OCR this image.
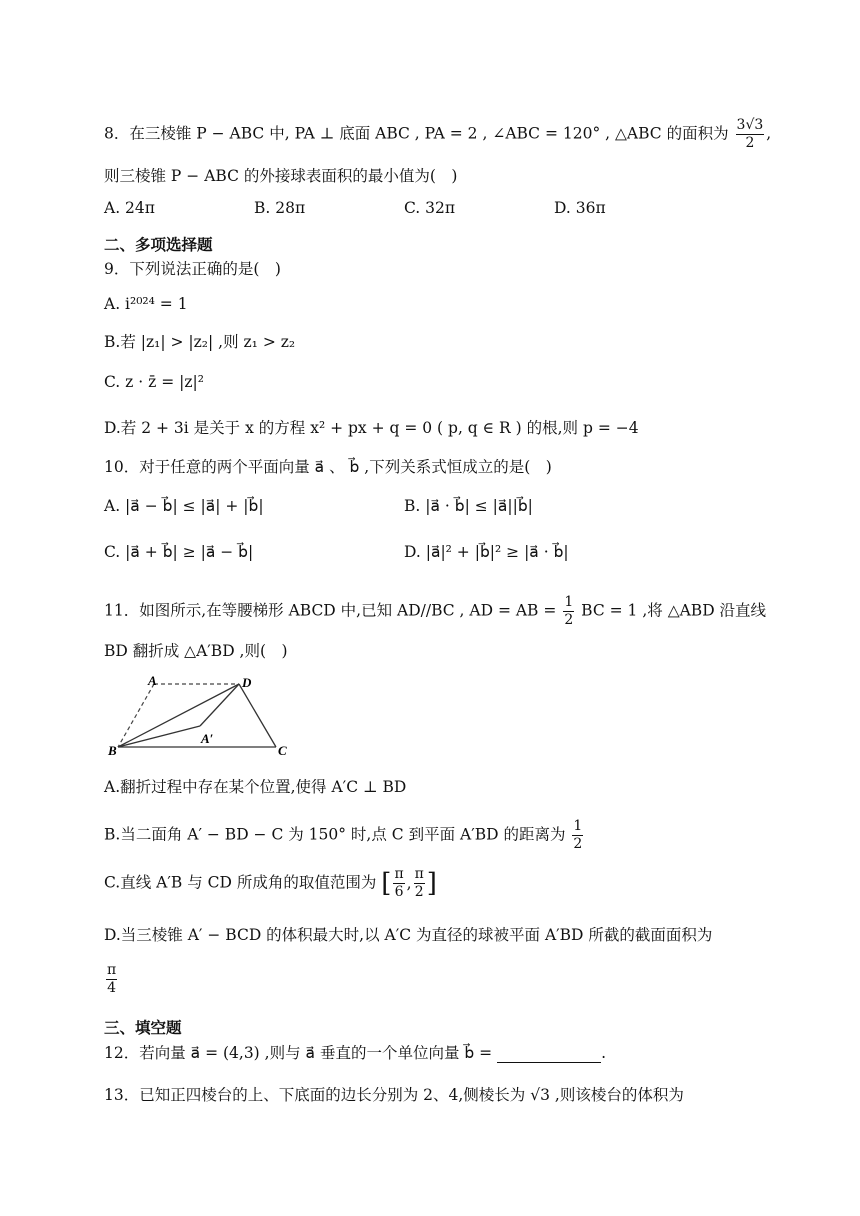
8．在三棱锥 P − ABC 中, PA ⊥ 底面 ABC , PA = 2 , ∠ABC = 120° , △ABC 的面积为 $\frac{3√3}{2}$ ,
则三棱锥 P − ABC 的外接球表面积的最小值为(　)
A. 24π	B. 28π	C. 32π	D. 36π
二、多项选择题
9．下列说法正确的是(　)
A. i²⁰²⁴ = 1
B.若 |z₁| > |z₂| ,则 z₁ > z₂
C. z · z̄ = |z|²
D.若 2 + 3i 是关于 x 的方程 x² + px + q = 0 ( p, q ∈ R ) 的根,则 p = −4
10．对于任意的两个平面向量 a⃗ 、 b⃗ ,下列关系式恒成立的是(　)
A. |a⃗ − b⃗| ≤ |a⃗| + |b⃗|	B. |a⃗ · b⃗| ≤ |a⃗||b⃗|
C. |a⃗ + b⃗| ≥ |a⃗ − b⃗|	D. |a⃗|² + |b⃗|² ≥ |a⃗ · b⃗|
11．如图所示,在等腰梯形 ABCD 中,已知 AD//BC , AD = AB = $\frac{1}{2}$ BC = 1 ,将 △ABD 沿直线
BD 翻折成 △A′BD ,则(　)
A	D
A′
B	C
A.翻折过程中存在某个位置,使得 A′C ⊥ BD
B.当二面角 A′ − BD − C 为 150° 时,点 C 到平面 A′BD 的距离为 $\frac{1}{2}$
C.直线 A′B 与 CD 所成角的取值范围为 [ $\frac{\pi}{6}$ , $\frac{\pi}{2}$ ]
D.当三棱锥 A′ − BCD 的体积最大时,以 A′C 为直径的球被平面 A′BD 所截的截面面积为
$\frac{\pi}{4}$
三、填空题
12．若向量 a⃗ = (4,3) ,则与 a⃗ 垂直的一个单位向量 b⃗ =	.
13．已知正四棱台的上、下底面的边长分别为 2、4,侧棱长为 √3 ,则该棱台的体积为
